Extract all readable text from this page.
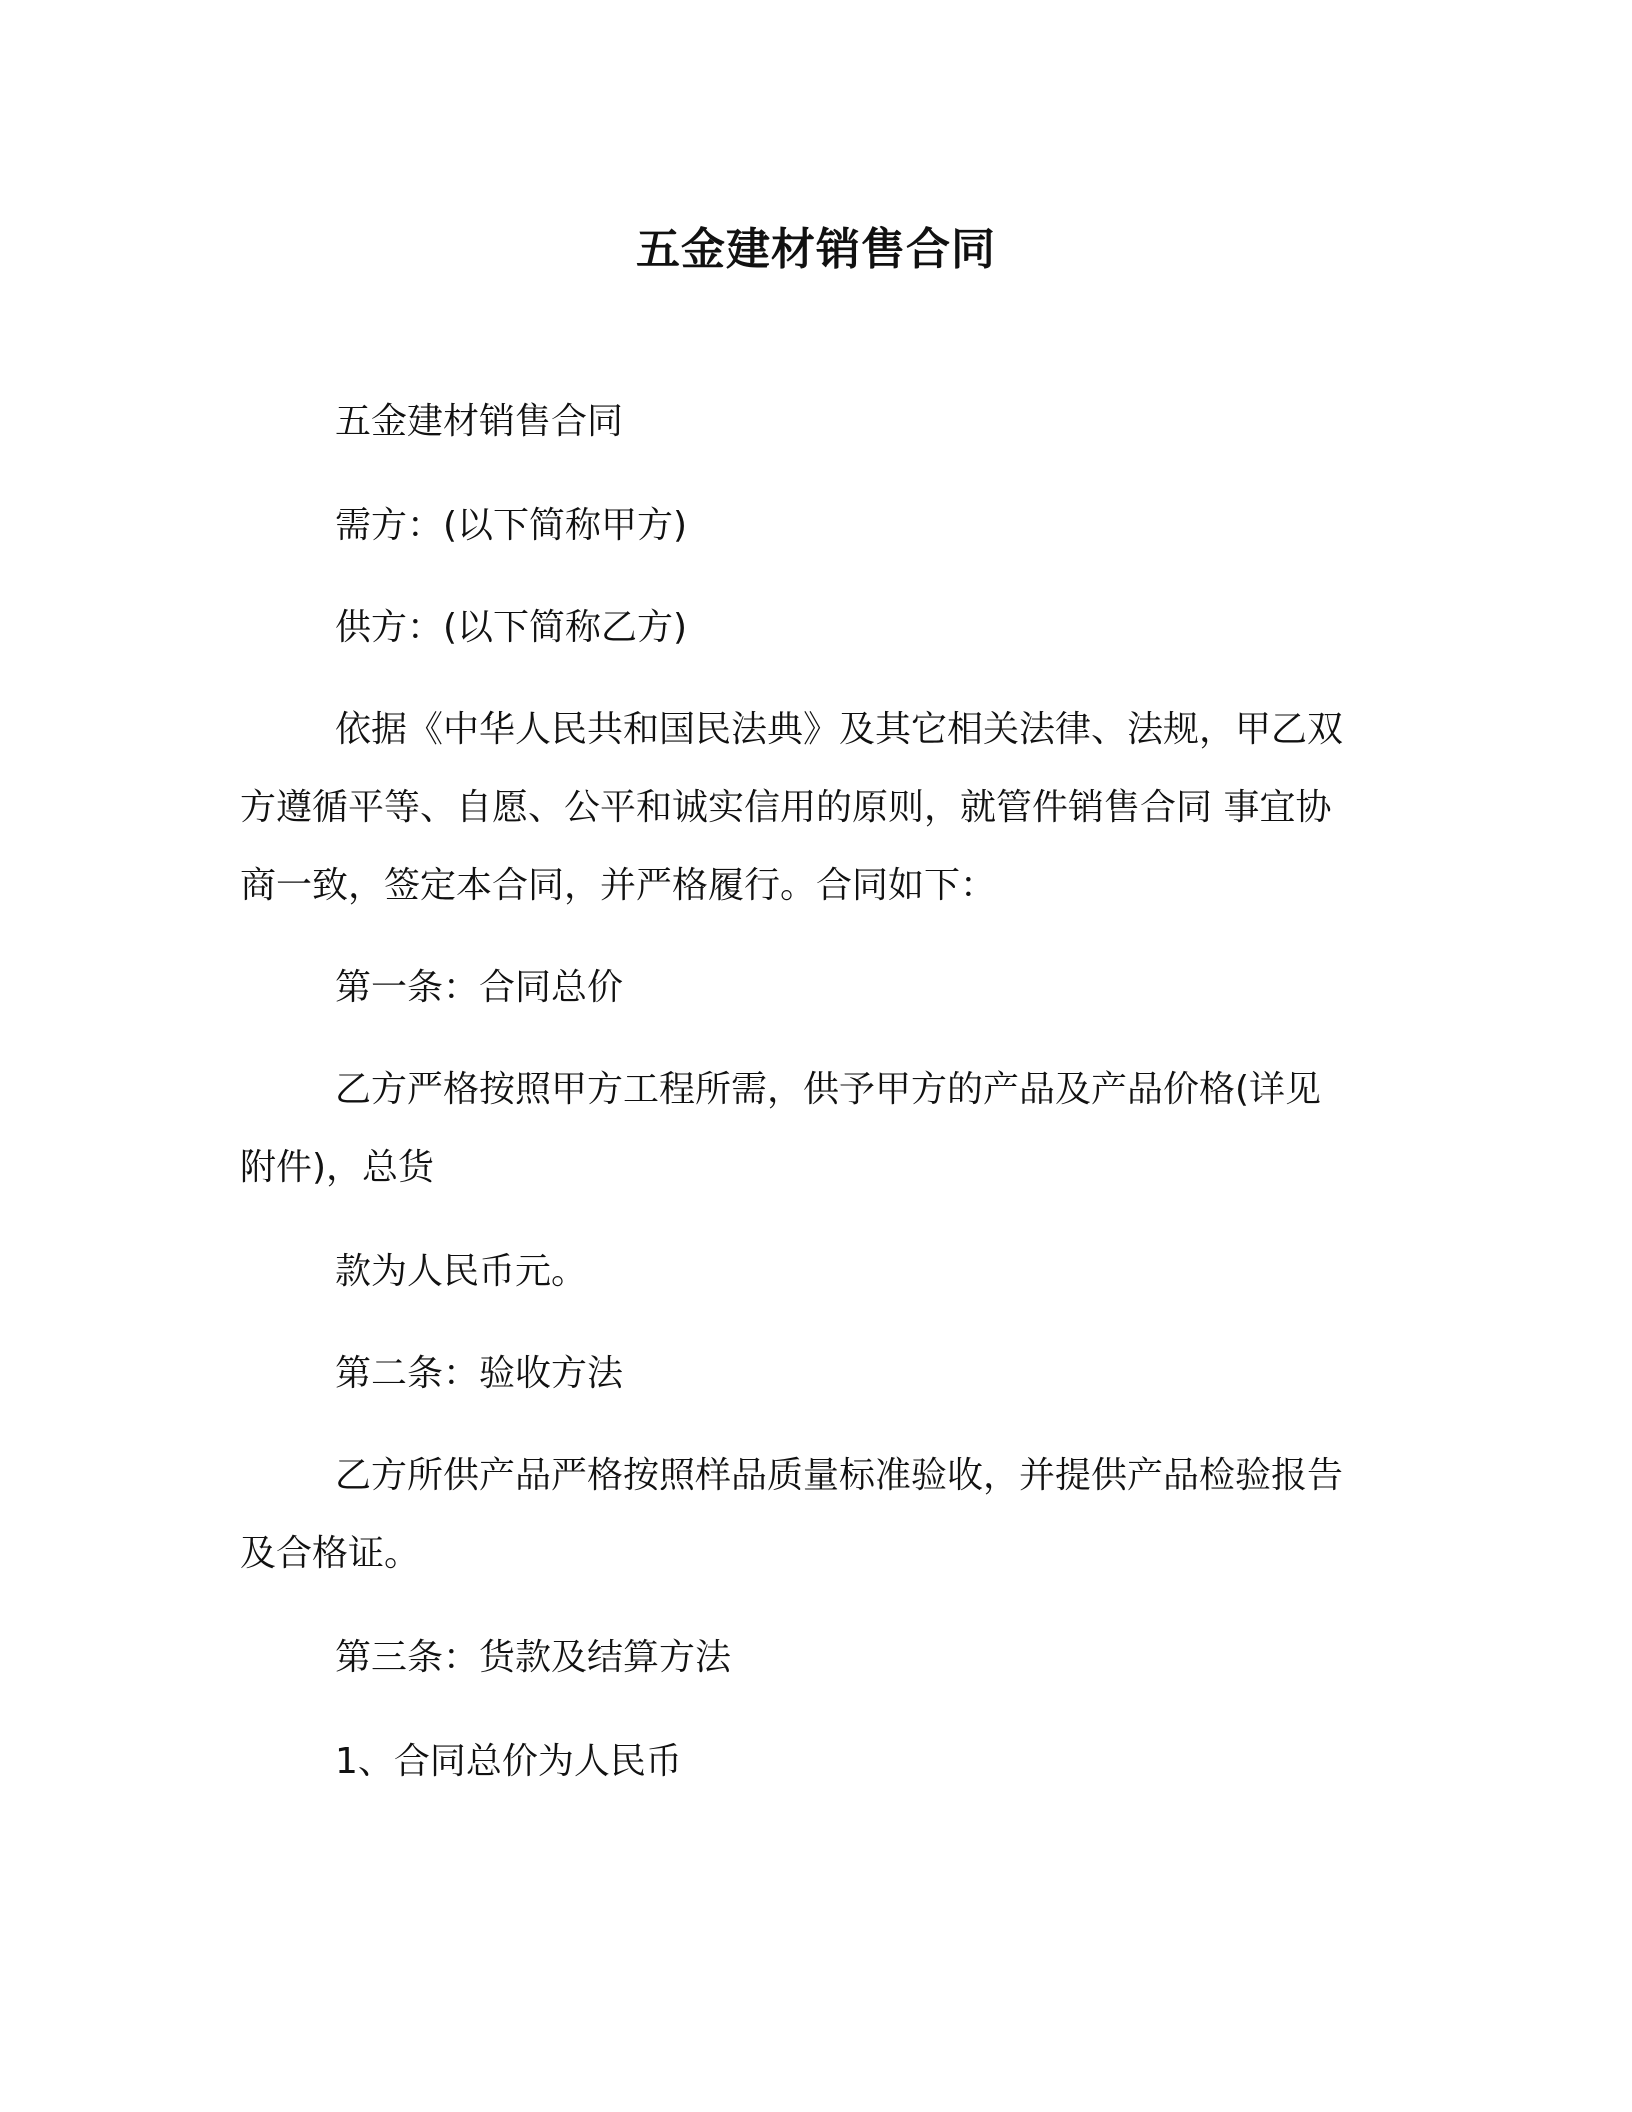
五金建材销售合同
五金建材销售合同
需方：(以下简称甲方)
供方：(以下简称乙方)
依据《中华人民共和国民法典》及其它相关法律、法规，甲乙双
方遵循平等、自愿、公平和诚实信用的原则，就管件销售合同 事宜协
商一致，签定本合同，并严格履行。合同如下：
第一条：合同总价
乙方严格按照甲方工程所需，供予甲方的产品及产品价格(详见
附件)，总货
款为人民币元。
第二条：验收方法
乙方所供产品严格按照样品质量标准验收，并提供产品检验报告
及合格证。
第三条：货款及结算方法
1、合同总价为人民币
